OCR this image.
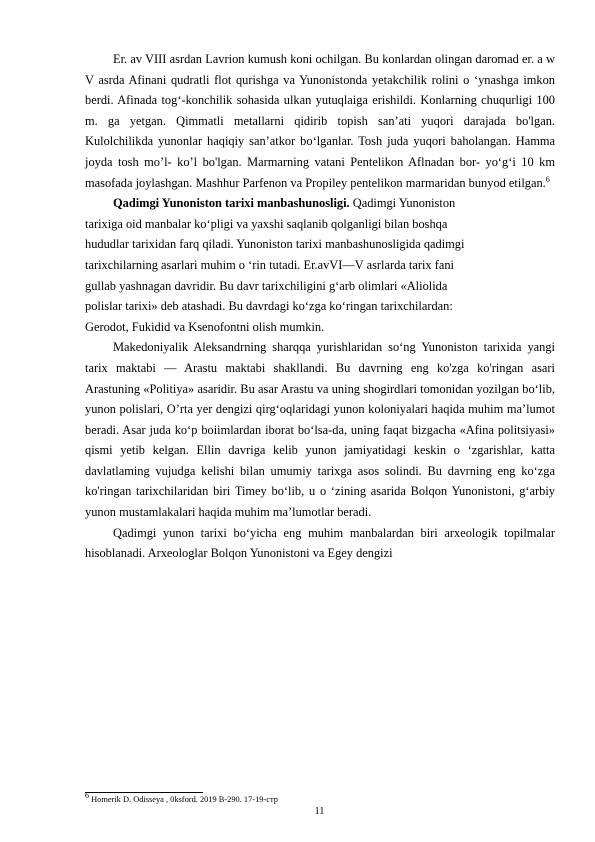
Er. av VIII asrdan Lavrion kumush koni ochilgan. Bu konlardan olingan daromad er. a w V asrda Afinani qudratli flot qurishga va Yunonistonda yetakchilik rolini o ‘ynashga imkon berdi. Afinada tog‘-konchilik sohasida ulkan yutuqlaiga erishildi. Konlarning chuqurligi 100 m. ga yetgan. Qimmatli metallarni qidirib topish san’ati yuqori darajada bo'lgan. Kulolchilikda yunonlar haqiqiy san’atkor bo‘lganlar. Tosh juda yuqori baholangan. Hamma joyda tosh mo’l- ko’l bo'lgan. Marmarning vatani Pentelikon Aflnadan bor- yo‘g‘i 10 km masofada joylashgan. Mashhur Parfenon va Propiley pentelikon marmaridan bunyod etilgan.$^6$

Qadimgi Yunoniston tarixi manbashunosligi. Qadimgi Yunoniston
tarixiga oid manbalar ko‘pligi va yaxshi saqlanib qolganligi bilan boshqa
hududlar tarixidan farq qiladi. Yunoniston tarixi manbashunosligida qadimgi
tarixchilarning asarlari muhim o ‘rin tutadi. Er.avVI—V asrlarda tarix fani
gullab yashnagan davridir. Bu davr tarixchiligini g‘arb olimlari «Aliolida
polislar tarixi» deb atashadi. Bu davrdagi ko‘zga ko‘ringan tarixchilardan:
Gerodot, Fukidid va Ksenofontni olish mumkin.

Makedoniyalik Aleksandrning sharqqa yurishlaridan so‘ng Yunoniston tarixida yangi tarix maktabi — Arastu maktabi shakllandi. Bu davrning eng ko'zga ko'ringan asari Arastuning «Politiya» asaridir. Bu asar Arastu va uning shogirdlari tomonidan yozilgan bo‘lib, yunon polislari, O’rta yer dengizi qirg‘oqlaridagi yunon koloniyalari haqida muhim ma’lumot beradi. Asar juda ko‘p boiimlardan iborat bo‘lsa-da, uning faqat bizgacha «Afina politsiyasi» qismi yetib kelgan. Ellin davriga kelib yunon jamiyatidagi keskin o ‘zgarishlar, katta davlatlaming vujudga kelishi bilan umumiy tarixga asos solindi. Bu davrning eng ko‘zga ko'ringan tarixchilaridan biri Timey bo‘lib, u o ‘zining asarida Bolqon Yunonistoni, g‘arbiy yunon mustamlakalari haqida muhim ma’lumotlar beradi.

Qadimgi yunon tarixi bo‘yicha eng muhim manbalardan biri arxeologik topilmalar hisoblanadi. Arxeologlar Bolqon Yunonistoni va Egey dengizi

$^6$ Homerik D. Odisseya , 0ksford. 2019 B-290. 17-19-стр
11
